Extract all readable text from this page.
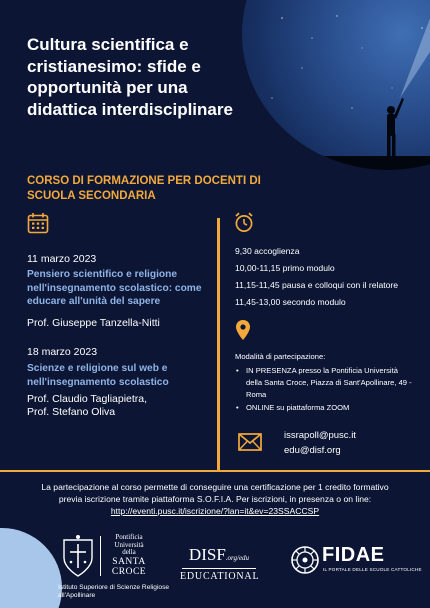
Cultura scientifica e cristianesimo: sfide e opportunità per una didattica interdisciplinare

CORSO DI FORMAZIONE PER DOCENTI DI SCUOLA SECONDARIA

11 marzo 2023

Pensiero scientifico e religione nell'insegnamento scolastico: come educare all'unità del sapere

Prof. Giuseppe Tanzella-Nitti

18 marzo 2023

Scienze e religione sul web e nell'insegnamento scolastico

Prof. Claudio Tagliapietra, Prof. Stefano Oliva

9,30 accoglienza
10,00-11,15 primo modulo
11,15-11,45 pausa e colloqui con il relatore
11,45-13,00 secondo modulo
Modalità di partecipazione:
• IN PRESENZA presso la Pontificia Università della Santa Croce, Piazza di Sant'Apollinare, 49 - Roma
• ONLINE su piattaforma ZOOM
issrapoll@pusc.it
edu@disf.org

La partecipazione al corso permette di conseguire una certificazione per 1 credito formativo previa iscrizione tramite piattaforma S.O.F.I.A. Per iscrizioni, in presenza o on line: http://eventi.pusc.it/iscrizione/?lan=it&ev=23SSACCSP

Pontificia
Università
della
SANTA
CROCE

Istituto Superiore di Scienze Religiose all'Apollinare

DISF.org/edu
EDUCATIONAL
FIDAE
IL PORTALE DELLE SCUOLE CATTOLICHE
